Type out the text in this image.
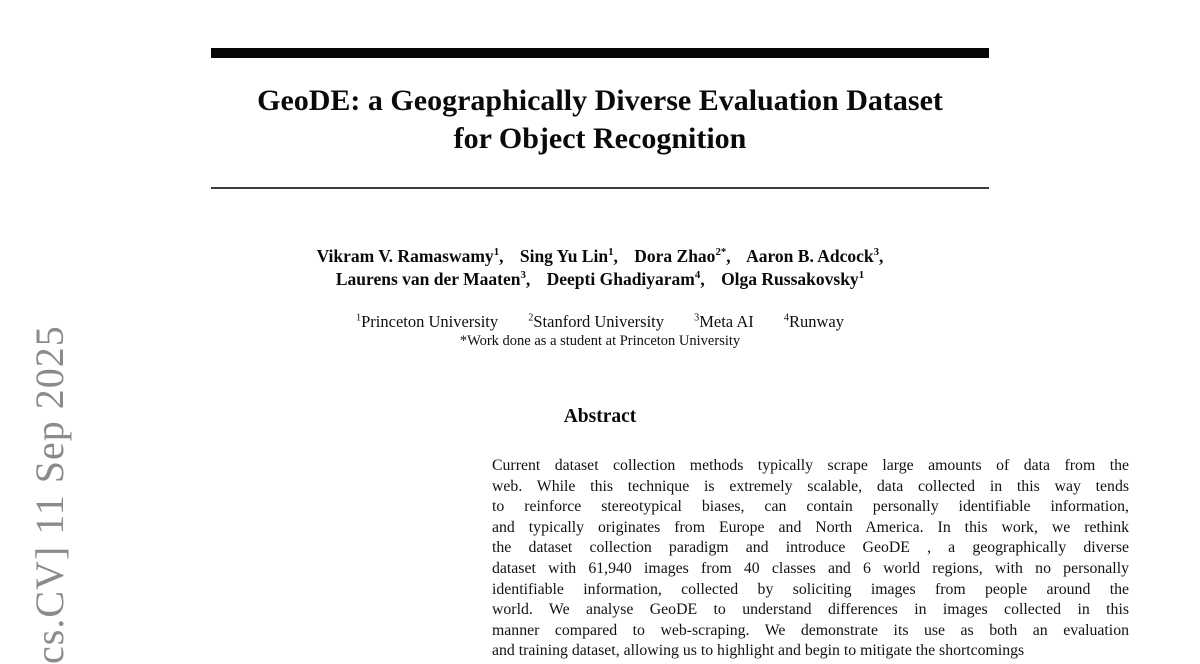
cs.CV] 11 Sep 2025
GeoDE: a Geographically Diverse Evaluation Dataset
for Object Recognition
Vikram V. Ramaswamy$^1$, Sing Yu Lin$^1$, Dora Zhao$^{2*}$, Aaron B. Adcock$^3$,
Laurens van der Maaten$^3$, Deepti Ghadiyaram$^4$, Olga Russakovsky$^1$
$^1$Princeton University	$^2$Stanford University	$^3$Meta AI	$^4$Runway
*Work done as a student at Princeton University
Abstract
Current dataset collection methods typically scrape large amounts of data from the
web. While this technique is extremely scalable, data collected in this way tends
to reinforce stereotypical biases, can contain personally identifiable information,
and typically originates from Europe and North America. In this work, we rethink
the dataset collection paradigm and introduce GeoDE , a geographically diverse
dataset with 61,940 images from 40 classes and 6 world regions, with no personally
identifiable information, collected by soliciting images from people around the
world. We analyse GeoDE to understand differences in images collected in this
manner compared to web-scraping. We demonstrate its use as both an evaluation
and training dataset, allowing us to highlight and begin to mitigate the shortcomings
